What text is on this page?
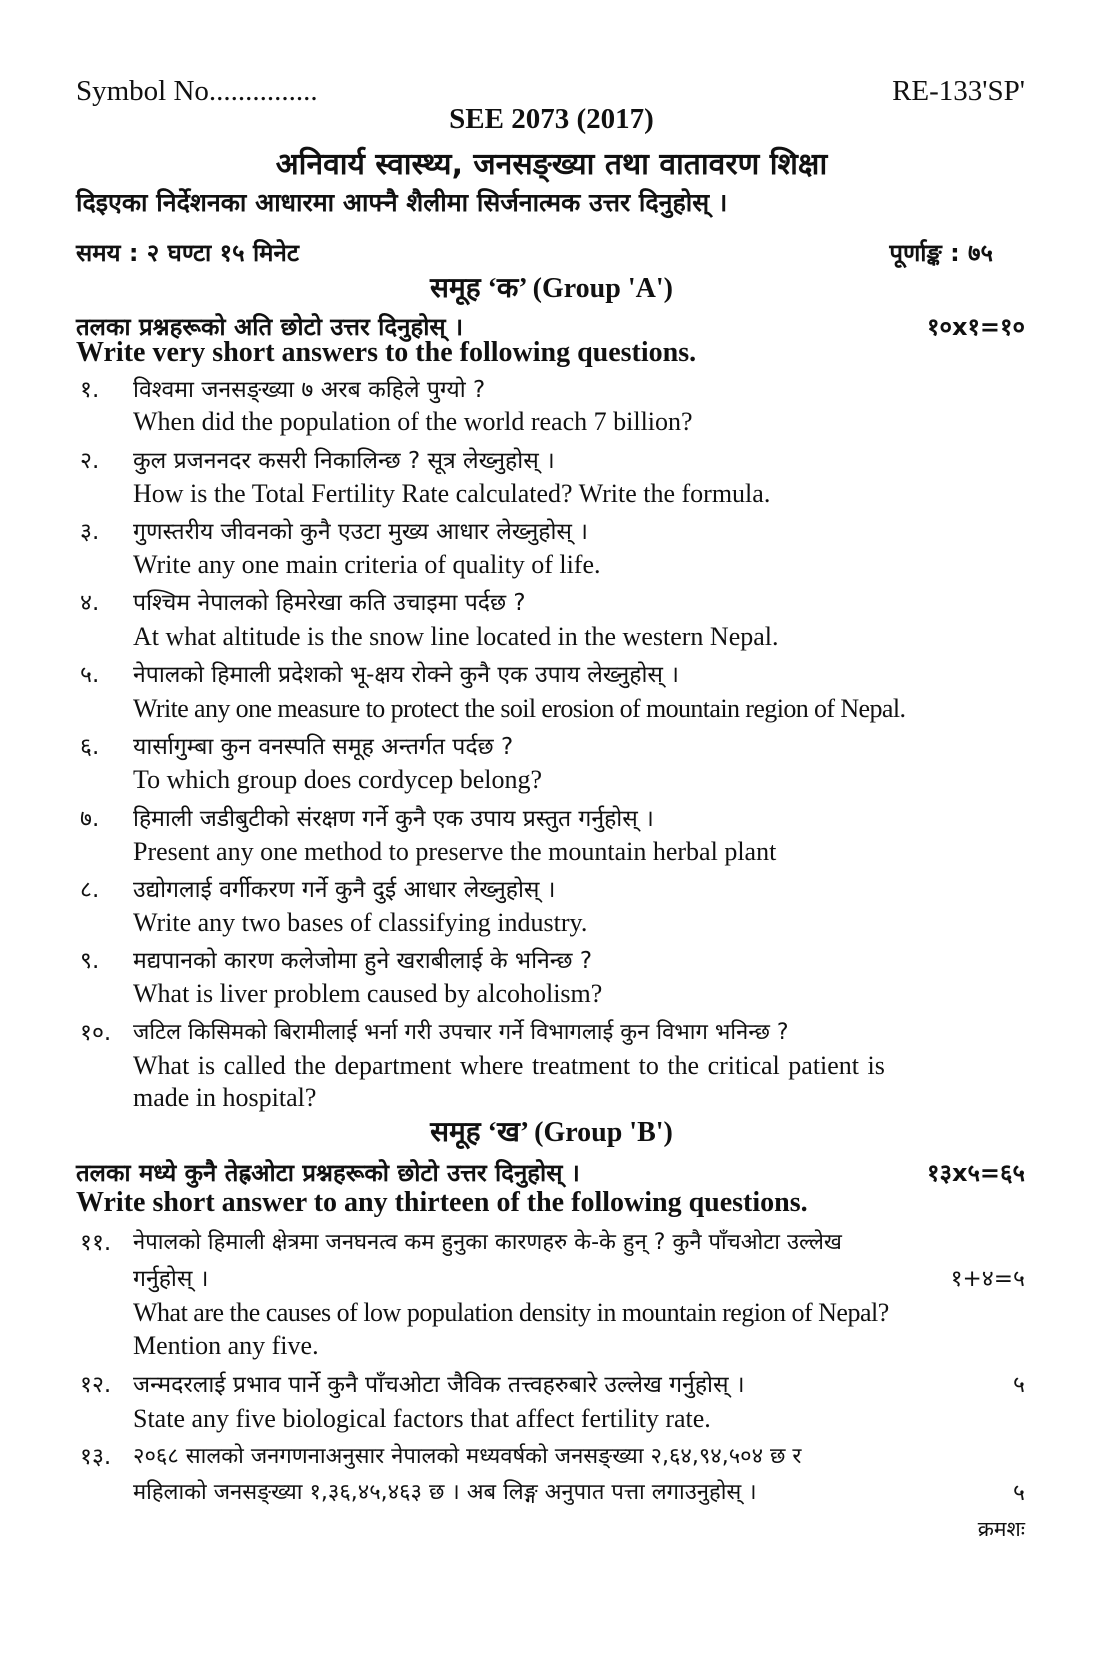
Symbol No...............	RE-133'SP'
SEE 2073 (2017)
अनिवार्य स्वास्थ्य, जनसङ्ख्या तथा वातावरण शिक्षा
दिइएका निर्देशनका आधारमा आफ्नै शैलीमा सिर्जनात्मक उत्तर दिनुहोस् ।
समय : २ घण्टा १५ मिनेट	पूर्णाङ्क : ७५
समूह ‘क’ (Group 'A')
तलका प्रश्नहरूको अति छोटो उत्तर दिनुहोस् ।	१०x१=१०
Write very short answers to the following questions.
१.	विश्वमा जनसङ्ख्या ७ अरब कहिले पुग्यो ?
When did the population of the world reach 7 billion?
२.	कुल प्रजननदर कसरी निकालिन्छ ? सूत्र लेख्नुहोस् ।
How is the Total Fertility Rate calculated? Write the formula.
३.	गुणस्तरीय जीवनको कुनै एउटा मुख्य आधार लेख्नुहोस् ।
Write any one main criteria of quality of life.
४.	पश्चिम नेपालको हिमरेखा कति उचाइमा पर्दछ ?
At what altitude is the snow line located in the western Nepal.
५.	नेपालको हिमाली प्रदेशको भू-क्षय रोक्ने कुनै एक उपाय लेख्नुहोस् ।
Write any one measure to protect the soil erosion of mountain region of Nepal.
६.	यार्सागुम्बा कुन वनस्पति समूह अन्तर्गत पर्दछ ?
To which group does cordycep belong?
७.	हिमाली जडीबुटीको संरक्षण गर्ने कुनै एक उपाय प्रस्तुत गर्नुहोस् ।
Present any one method to preserve the mountain herbal plant
८.	उद्योगलाई वर्गीकरण गर्ने कुनै दुई आधार लेख्नुहोस् ।
Write any two bases of classifying industry.
९.	मद्यपानको कारण कलेजोमा हुने खराबीलाई के भनिन्छ ?
What is liver problem caused by alcoholism?
१०. जटिल किसिमको बिरामीलाई भर्ना गरी उपचार गर्ने विभागलाई कुन विभाग भनिन्छ ?
What is called the department where treatment to the critical patient is
made in hospital?
समूह ‘ख’ (Group 'B')
तलका मध्ये कुनै तेह्रओटा प्रश्नहरूको छोटो उत्तर दिनुहोस् ।	१३x५=६५
Write short answer to any thirteen of the following questions.
११. नेपालको हिमाली क्षेत्रमा जनघनत्व कम हुनुका कारणहरु के-के हुन् ? कुनै पाँचओटा उल्लेख
गर्नुहोस् ।	१+४=५
What are the causes of low population density in mountain region of Nepal?
Mention any five.
१२. जन्मदरलाई प्रभाव पार्ने कुनै पाँचओटा जैविक तत्त्वहरुबारे उल्लेख गर्नुहोस् ।	५
State any five biological factors that affect fertility rate.
१३. २०६८ सालको जनगणनाअनुसार नेपालको मध्यवर्षको जनसङ्ख्या २,६४,९४,५०४ छ र
महिलाको जनसङ्ख्या १,३६,४५,४६३ छ । अब लिङ्ग अनुपात पत्ता लगाउनुहोस् ।	५
क्रमशः
